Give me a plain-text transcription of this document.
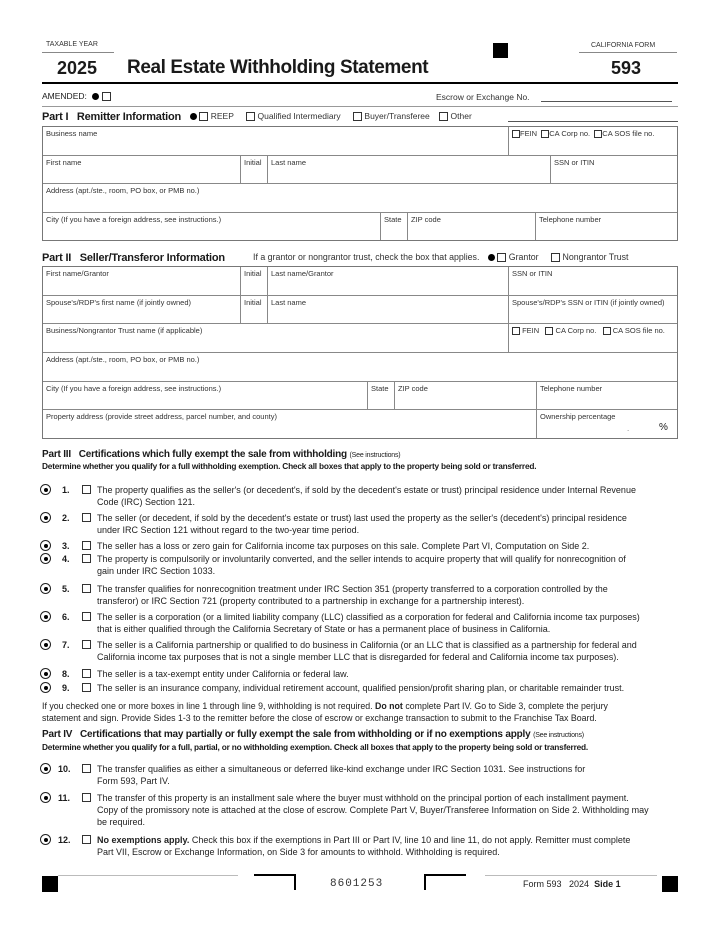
TAXABLE YEAR
2025 Real Estate Withholding Statement
CALIFORNIA FORM
593
AMENDED:	Escrow or Exchange No.
Part I Remitter Information	REEP	Qualified Intermediary	Buyer/Transferee Other
Business name	FEIN CA Corp no. CA SOS file no.
First name	Initial Last name	SSN or ITIN
Address (apt./ste., room, PO box, or PMB no.)
City (If you have a foreign address, see instructions.)	State ZIP code	Telephone number
Part II Seller/Transferor Information	If a grantor or nongrantor trust, check the box that applies.	Grantor	Nongrantor Trust
First name/Grantor	Initial Last name/Grantor	SSN or ITIN
Spouse's/RDP's first name (if jointly owned)	Initial Last name	Spouse's/RDP's SSN or ITIN (if jointly owned)
Business/Nongrantor Trust name (if applicable)	FEIN CA Corp no. CA SOS file no.
Address (apt./ste., room, PO box, or PMB no.)
City (If you have a foreign address, see instructions.)	State ZIP code	Telephone number
Property address (provide street address, parcel number, and county)	Ownership percentage
.	%
Part III Certifications which fully exempt the sale from withholding (See instructions)
Determine whether you qualify for a full withholding exemption. Check all boxes that apply to the property being sold or transferred.
1.	The property qualifies as the seller's (or decedent's, if sold by the decedent's estate or trust) principal residence under Internal Revenue
Code (IRC) Section 121.
2.	The seller (or decedent, if sold by the decedent's estate or trust) last used the property as the seller's (decedent's) principal residence
under IRC Section 121 without regard to the two-year time period.
3.	The seller has a loss or zero gain for California income tax purposes on this sale. Complete Part VI, Computation on Side 2.
4.	The property is compulsorily or involuntarily converted, and the seller intends to acquire property that will qualify for nonrecognition of
gain under IRC Section 1033.
5.	The transfer qualifies for nonrecognition treatment under IRC Section 351 (property transferred to a corporation controlled by the
transferor) or IRC Section 721 (property contributed to a partnership in exchange for a partnership interest).
6.	The seller is a corporation (or a limited liability company (LLC) classified as a corporation for federal and California income tax purposes)
that is either qualified through the California Secretary of State or has a permanent place of business in California.
7.	The seller is a California partnership or qualified to do business in California (or an LLC that is classified as a partnership for federal and
California income tax purposes that is not a single member LLC that is disregarded for federal and California income tax purposes).
8.	The seller is a tax-exempt entity under California or federal law.
9.	The seller is an insurance company, individual retirement account, qualified pension/profit sharing plan, or charitable remainder trust.
If you checked one or more boxes in line 1 through line 9, withholding is not required. Do not complete Part IV. Go to Side 3, complete the perjury
statement and sign. Provide Sides 1-3 to the remitter before the close of escrow or exchange transaction to submit to the Franchise Tax Board.
Part IV Certifications that may partially or fully exempt the sale from withholding or if no exemptions apply (See instructions)
Determine whether you qualify for a full, partial, or no withholding exemption. Check all boxes that apply to the property being sold or transferred.
10.	The transfer qualifies as either a simultaneous or deferred like-kind exchange under IRC Section 1031. See instructions for
Form 593, Part IV.
11.	The transfer of this property is an installment sale where the buyer must withhold on the principal portion of each installment payment.
Copy of the promissory note is attached at the close of escrow. Complete Part V, Buyer/Transferee Information on Side 2. Withholding may
be required.
12.	No exemptions apply. Check this box if the exemptions in Part III or Part IV, line 10 and line 11, do not apply. Remitter must complete
Part VII, Escrow or Exchange Information, on Side 3 for amounts to withhold. Withholding is required.
8601253	Form 593 2024 Side 1
